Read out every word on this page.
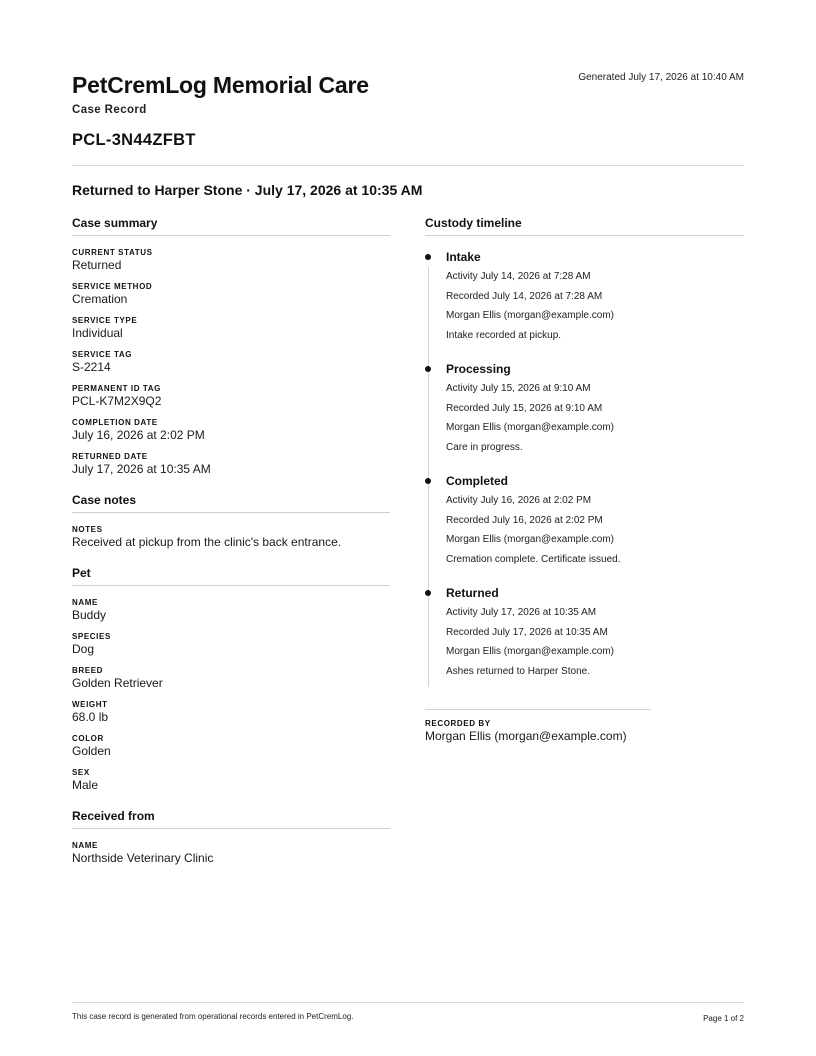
PetCremLog Memorial Care
Case Record
Generated July 17, 2026 at 10:40 AM
PCL-3N44ZFBT
Returned to Harper Stone · July 17, 2026 at 10:35 AM
Case summary
CURRENT STATUS
Returned
SERVICE METHOD
Cremation
SERVICE TYPE
Individual
SERVICE TAG
S-2214
PERMANENT ID TAG
PCL-K7M2X9Q2
COMPLETION DATE
July 16, 2026 at 2:02 PM
RETURNED DATE
July 17, 2026 at 10:35 AM
Case notes
NOTES
Received at pickup from the clinic's back entrance.
Pet
NAME
Buddy
SPECIES
Dog
BREED
Golden Retriever
WEIGHT
68.0 lb
COLOR
Golden
SEX
Male
Received from
NAME
Northside Veterinary Clinic
Custody timeline
Intake
Activity July 14, 2026 at 7:28 AM
Recorded July 14, 2026 at 7:28 AM
Morgan Ellis (morgan@example.com)
Intake recorded at pickup.
Processing
Activity July 15, 2026 at 9:10 AM
Recorded July 15, 2026 at 9:10 AM
Morgan Ellis (morgan@example.com)
Care in progress.
Completed
Activity July 16, 2026 at 2:02 PM
Recorded July 16, 2026 at 2:02 PM
Morgan Ellis (morgan@example.com)
Cremation complete. Certificate issued.
Returned
Activity July 17, 2026 at 10:35 AM
Recorded July 17, 2026 at 10:35 AM
Morgan Ellis (morgan@example.com)
Ashes returned to Harper Stone.
RECORDED BY
Morgan Ellis (morgan@example.com)
This case record is generated from operational records entered in PetCremLog.	Page 1 of 2
